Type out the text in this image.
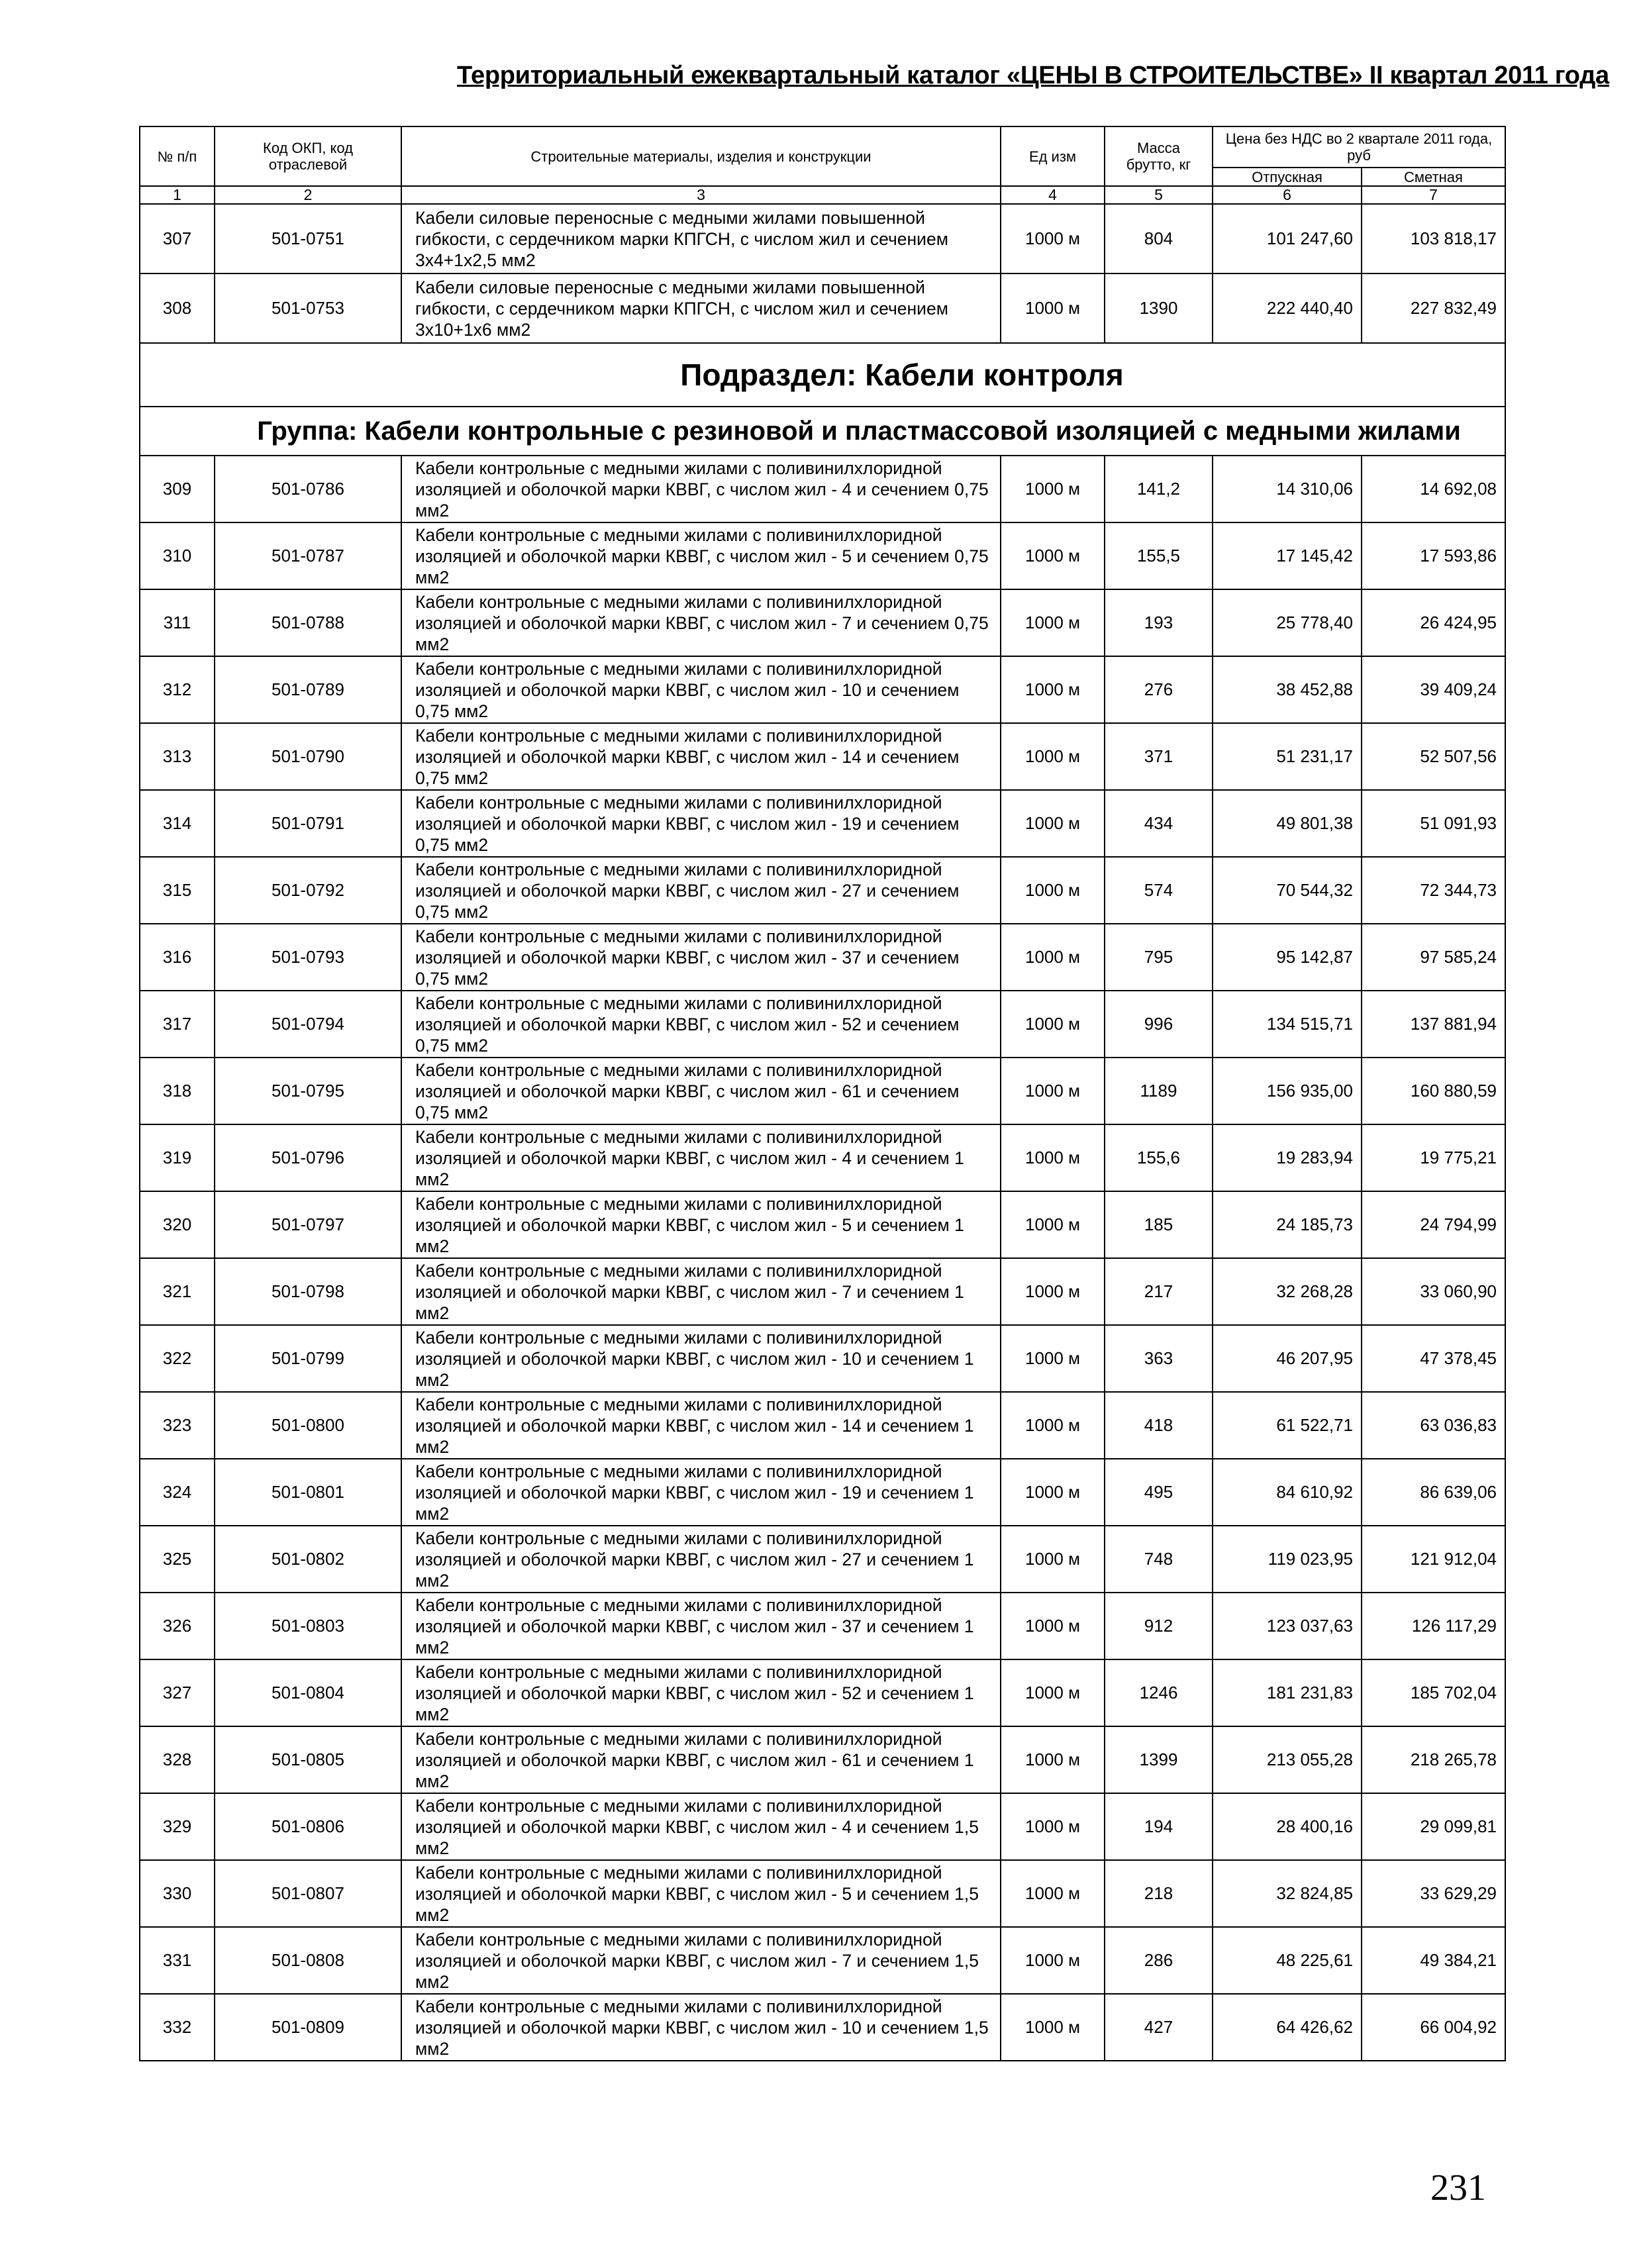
Территориальный ежеквартальный каталог «ЦЕНЫ В СТРОИТЕЛЬСТВЕ» II квартал 2011 года
№ п/п	Код ОКП, код отраслевой	Строительные материалы, изделия и конструкции	Ед изм	Масса брутто, кг	Цена без НДС во 2 квартале 2011 года, руб	
					Отпускная	Сметная
1	2	3	4	5	6	7
307	501-0751	Кабели силовые переносные с медными жилами повышенной гибкости, с сердечником марки КПГСН, с числом жил и сечением 3х4+1х2,5 мм2	1000 м	804	101 247,60	103 818,17
308	501-0753	Кабели силовые переносные с медными жилами повышенной гибкости, с сердечником марки КПГСН, с числом жил и сечением 3х10+1х6 мм2	1000 м	1390	222 440,40	227 832,49
Подраздел: Кабели контроля						
Группа: Кабели контрольные с резиновой и пластмассовой изоляцией с медными жилами						
309	501-0786	Кабели контрольные с медными жилами с поливинилхлоридной изоляцией и оболочкой марки КВВГ, с числом жил - 4 и сечением 0,75 мм2	1000 м	141,2	14 310,06	14 692,08
310	501-0787	Кабели контрольные с медными жилами с поливинилхлоридной изоляцией и оболочкой марки КВВГ, с числом жил - 5 и сечением 0,75 мм2	1000 м	155,5	17 145,42	17 593,86
311	501-0788	Кабели контрольные с медными жилами с поливинилхлоридной изоляцией и оболочкой марки КВВГ, с числом жил - 7 и сечением 0,75 мм2	1000 м	193	25 778,40	26 424,95
312	501-0789	Кабели контрольные с медными жилами с поливинилхлоридной изоляцией и оболочкой марки КВВГ, с числом жил - 10 и сечением 0,75 мм2	1000 м	276	38 452,88	39 409,24
313	501-0790	Кабели контрольные с медными жилами с поливинилхлоридной изоляцией и оболочкой марки КВВГ, с числом жил - 14 и сечением 0,75 мм2	1000 м	371	51 231,17	52 507,56
314	501-0791	Кабели контрольные с медными жилами с поливинилхлоридной изоляцией и оболочкой марки КВВГ, с числом жил - 19 и сечением 0,75 мм2	1000 м	434	49 801,38	51 091,93
315	501-0792	Кабели контрольные с медными жилами с поливинилхлоридной изоляцией и оболочкой марки КВВГ, с числом жил - 27 и сечением 0,75 мм2	1000 м	574	70 544,32	72 344,73
316	501-0793	Кабели контрольные с медными жилами с поливинилхлоридной изоляцией и оболочкой марки КВВГ, с числом жил - 37 и сечением 0,75 мм2	1000 м	795	95 142,87	97 585,24
317	501-0794	Кабели контрольные с медными жилами с поливинилхлоридной изоляцией и оболочкой марки КВВГ, с числом жил - 52 и сечением 0,75 мм2	1000 м	996	134 515,71	137 881,94
318	501-0795	Кабели контрольные с медными жилами с поливинилхлоридной изоляцией и оболочкой марки КВВГ, с числом жил - 61 и сечением 0,75 мм2	1000 м	1189	156 935,00	160 880,59
319	501-0796	Кабели контрольные с медными жилами с поливинилхлоридной изоляцией и оболочкой марки КВВГ, с числом жил - 4 и сечением 1 мм2	1000 м	155,6	19 283,94	19 775,21
320	501-0797	Кабели контрольные с медными жилами с поливинилхлоридной изоляцией и оболочкой марки КВВГ, с числом жил - 5 и сечением 1 мм2	1000 м	185	24 185,73	24 794,99
321	501-0798	Кабели контрольные с медными жилами с поливинилхлоридной изоляцией и оболочкой марки КВВГ, с числом жил - 7 и сечением 1 мм2	1000 м	217	32 268,28	33 060,90
322	501-0799	Кабели контрольные с медными жилами с поливинилхлоридной изоляцией и оболочкой марки КВВГ, с числом жил - 10 и сечением 1 мм2	1000 м	363	46 207,95	47 378,45
323	501-0800	Кабели контрольные с медными жилами с поливинилхлоридной изоляцией и оболочкой марки КВВГ, с числом жил - 14 и сечением 1 мм2	1000 м	418	61 522,71	63 036,83
324	501-0801	Кабели контрольные с медными жилами с поливинилхлоридной изоляцией и оболочкой марки КВВГ, с числом жил - 19 и сечением 1 мм2	1000 м	495	84 610,92	86 639,06
325	501-0802	Кабели контрольные с медными жилами с поливинилхлоридной изоляцией и оболочкой марки КВВГ, с числом жил - 27 и сечением 1 мм2	1000 м	748	119 023,95	121 912,04
326	501-0803	Кабели контрольные с медными жилами с поливинилхлоридной изоляцией и оболочкой марки КВВГ, с числом жил - 37 и сечением 1 мм2	1000 м	912	123 037,63	126 117,29
327	501-0804	Кабели контрольные с медными жилами с поливинилхлоридной изоляцией и оболочкой марки КВВГ, с числом жил - 52 и сечением 1 мм2	1000 м	1246	181 231,83	185 702,04
328	501-0805	Кабели контрольные с медными жилами с поливинилхлоридной изоляцией и оболочкой марки КВВГ, с числом жил - 61 и сечением 1 мм2	1000 м	1399	213 055,28	218 265,78
329	501-0806	Кабели контрольные с медными жилами с поливинилхлоридной изоляцией и оболочкой марки КВВГ, с числом жил - 4 и сечением 1,5 мм2	1000 м	194	28 400,16	29 099,81
330	501-0807	Кабели контрольные с медными жилами с поливинилхлоридной изоляцией и оболочкой марки КВВГ, с числом жил - 5 и сечением 1,5 мм2	1000 м	218	32 824,85	33 629,29
331	501-0808	Кабели контрольные с медными жилами с поливинилхлоридной изоляцией и оболочкой марки КВВГ, с числом жил - 7 и сечением 1,5 мм2	1000 м	286	48 225,61	49 384,21
332	501-0809	Кабели контрольные с медными жилами с поливинилхлоридной изоляцией и оболочкой марки КВВГ, с числом жил - 10 и сечением 1,5 мм2	1000 м	427	64 426,62	66 004,92
231
